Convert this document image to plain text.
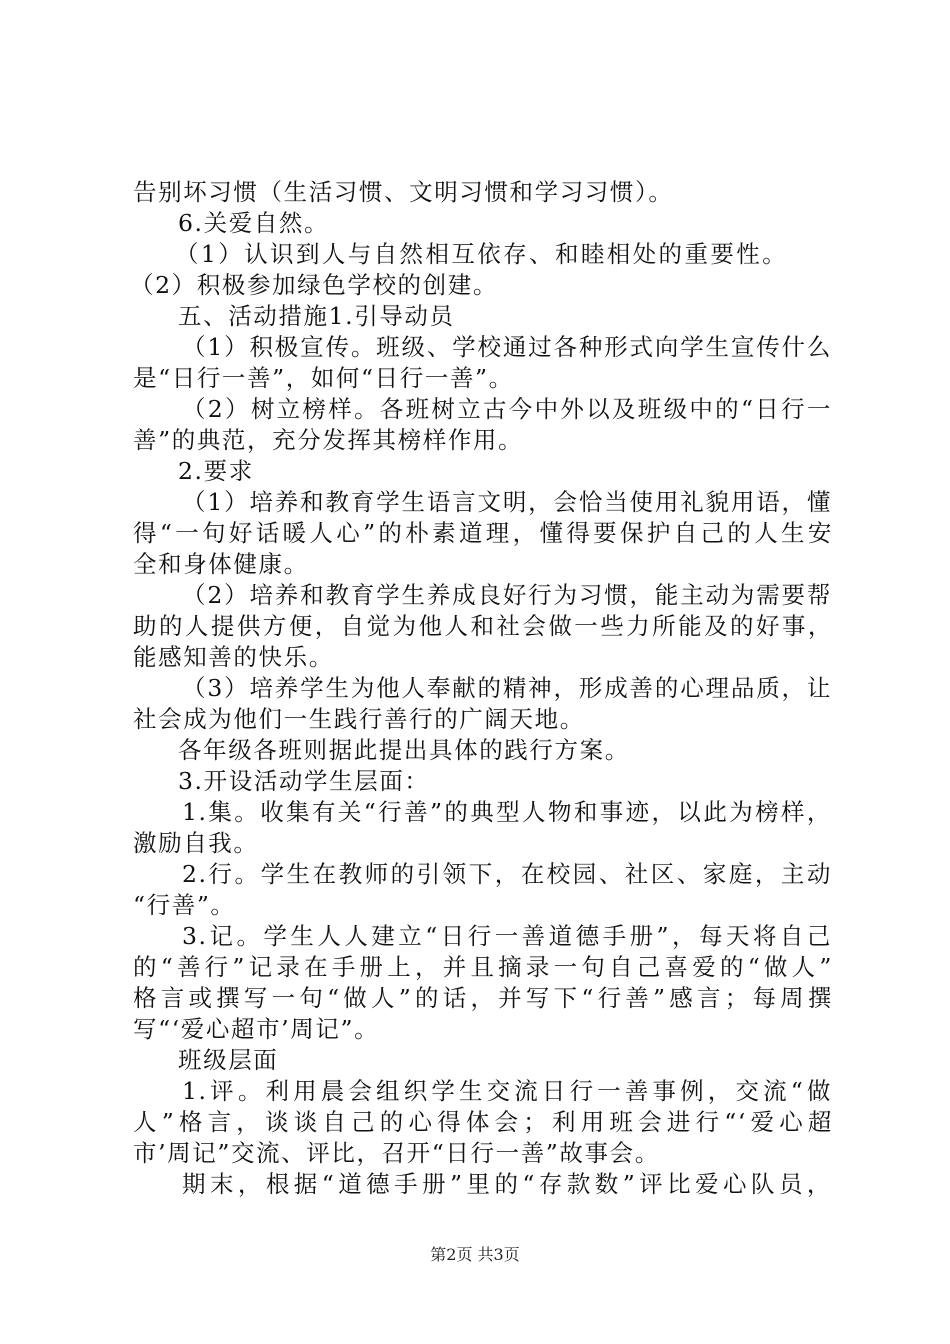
告别坏习惯（生活习惯、文明习惯和学习习惯）。
6.关爱自然。
（1）认识到人与自然相互依存、和睦相处的重要性。
（2）积极参加绿色学校的创建。
五、活动措施1.引导动员
（1）积极宣传。班级、学校通过各种形式向学生宣传什么
是“日行一善”，如何“日行一善”。
（2）树立榜样。各班树立古今中外以及班级中的“日行一
善”的典范，充分发挥其榜样作用。
2.要求
（1）培养和教育学生语言文明，会恰当使用礼貌用语，懂
得“一句好话暖人心”的朴素道理，懂得要保护自己的人生安
全和身体健康。
（2）培养和教育学生养成良好行为习惯，能主动为需要帮
助的人提供方便，自觉为他人和社会做一些力所能及的好事，
能感知善的快乐。
（3）培养学生为他人奉献的精神，形成善的心理品质，让
社会成为他们一生践行善行的广阔天地。
各年级各班则据此提出具体的践行方案。
3.开设活动学生层面：
1.集。收集有关“行善”的典型人物和事迹，以此为榜样，
激励自我。
2.行。学生在教师的引领下，在校园、社区、家庭，主动
“行善”。
3.记。学生人人建立“日行一善道德手册”，每天将自己
的“善行”记录在手册上，并且摘录一句自己喜爱的“做人”
格言或撰写一句“做人”的话，并写下“行善”感言；每周撰
写“‘爱心超市’周记”。
班级层面
1.评。利用晨会组织学生交流日行一善事例，交流“做
人”格言，谈谈自己的心得体会；利用班会进行“‘爱心超
市’周记”交流、评比，召开“日行一善”故事会。
期末，根据“道德手册”里的“存款数”评比爱心队员，
第2页 共3页
